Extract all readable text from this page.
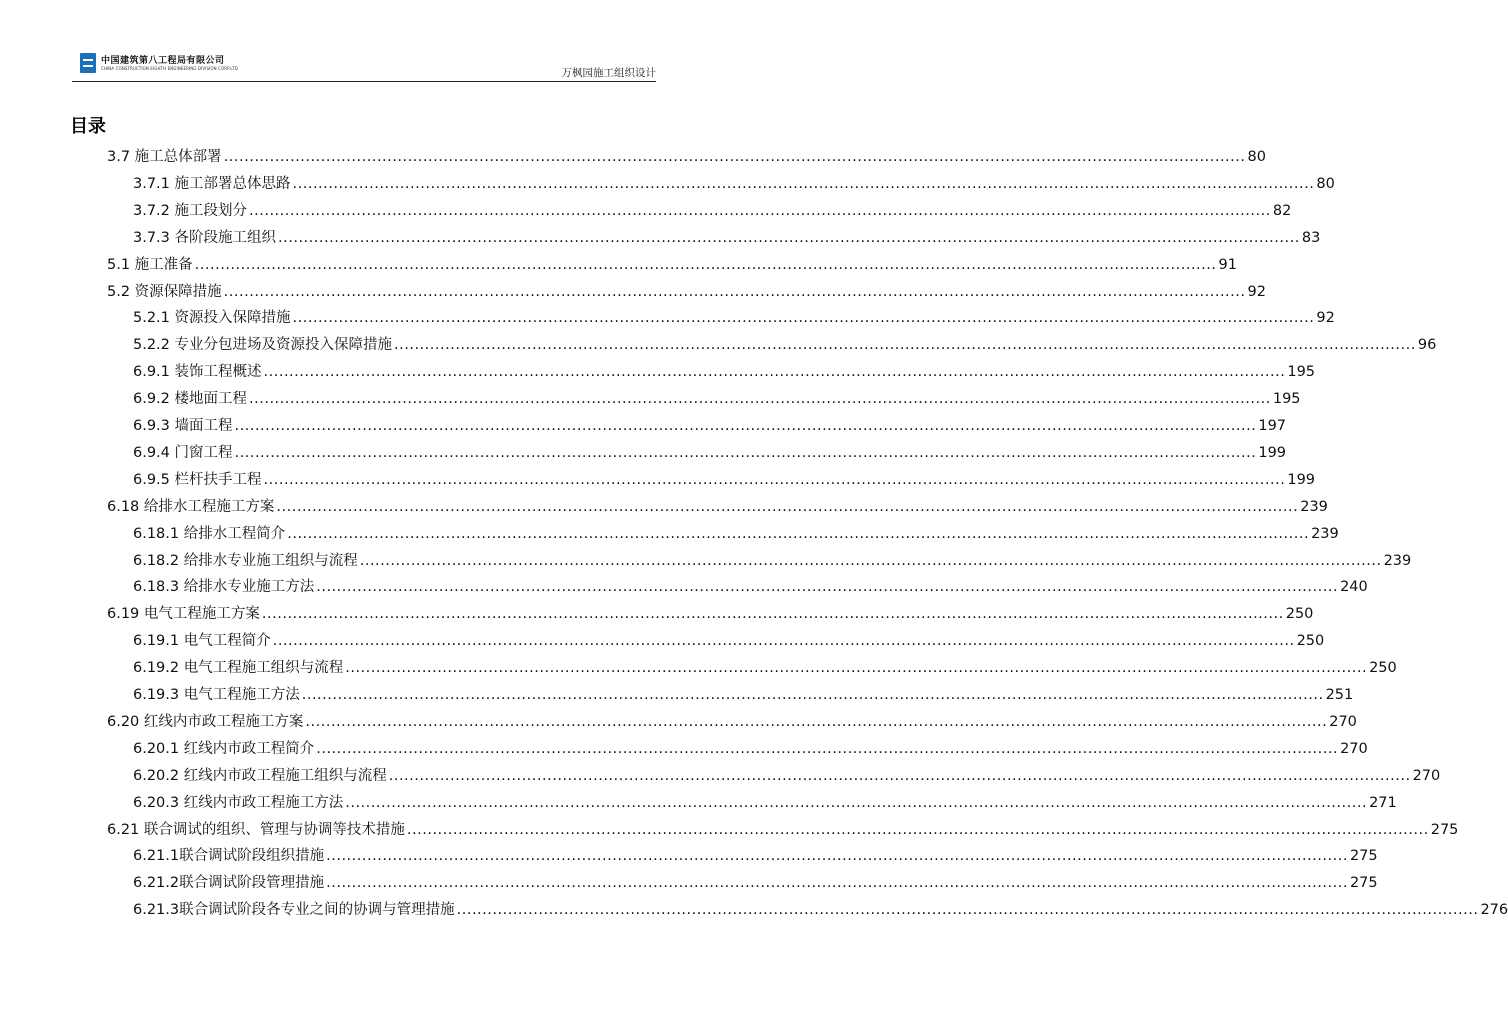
中国建筑第八工程局有限公司
CHINA CONSTRUCTION EIGHTH ENGINEERING DIVISION CORP.LTD	万枫园施工组织设计
目录
3.7 施工总体部署 ........................................................................................................................................................................................................ 80
3.7.1 施工部署总体思路 ........................................................................................................................................................................................................ 80
3.7.2 施工段划分 ........................................................................................................................................................................................................ 82
3.7.3 各阶段施工组织 ........................................................................................................................................................................................................ 83
5.1 施工准备 ........................................................................................................................................................................................................ 91
5.2 资源保障措施 ........................................................................................................................................................................................................ 92
5.2.1 资源投入保障措施 ........................................................................................................................................................................................................ 92
5.2.2 专业分包进场及资源投入保障措施 ........................................................................................................................................................................................................ 96
6.9.1 装饰工程概述 ........................................................................................................................................................................................................ 195
6.9.2 楼地面工程 ........................................................................................................................................................................................................ 195
6.9.3 墙面工程 ........................................................................................................................................................................................................ 197
6.9.4 门窗工程 ........................................................................................................................................................................................................ 199
6.9.5 栏杆扶手工程 ........................................................................................................................................................................................................ 199
6.18 给排水工程施工方案 ........................................................................................................................................................................................................ 239
6.18.1 给排水工程简介 ........................................................................................................................................................................................................ 239
6.18.2 给排水专业施工组织与流程 ........................................................................................................................................................................................................ 239
6.18.3 给排水专业施工方法 ........................................................................................................................................................................................................ 240
6.19 电气工程施工方案 ........................................................................................................................................................................................................ 250
6.19.1 电气工程简介 ........................................................................................................................................................................................................ 250
6.19.2 电气工程施工组织与流程 ........................................................................................................................................................................................................ 250
6.19.3 电气工程施工方法 ........................................................................................................................................................................................................ 251
6.20 红线内市政工程施工方案 ........................................................................................................................................................................................................ 270
6.20.1 红线内市政工程简介 ........................................................................................................................................................................................................ 270
6.20.2 红线内市政工程施工组织与流程 ........................................................................................................................................................................................................ 270
6.20.3 红线内市政工程施工方法 ........................................................................................................................................................................................................ 271
6.21 联合调试的组织、管理与协调等技术措施 ........................................................................................................................................................................................................ 275
6.21.1联合调试阶段组织措施 ........................................................................................................................................................................................................ 275
6.21.2联合调试阶段管理措施 ........................................................................................................................................................................................................ 275
6.21.3联合调试阶段各专业之间的协调与管理措施 ........................................................................................................................................................................................................ 276
